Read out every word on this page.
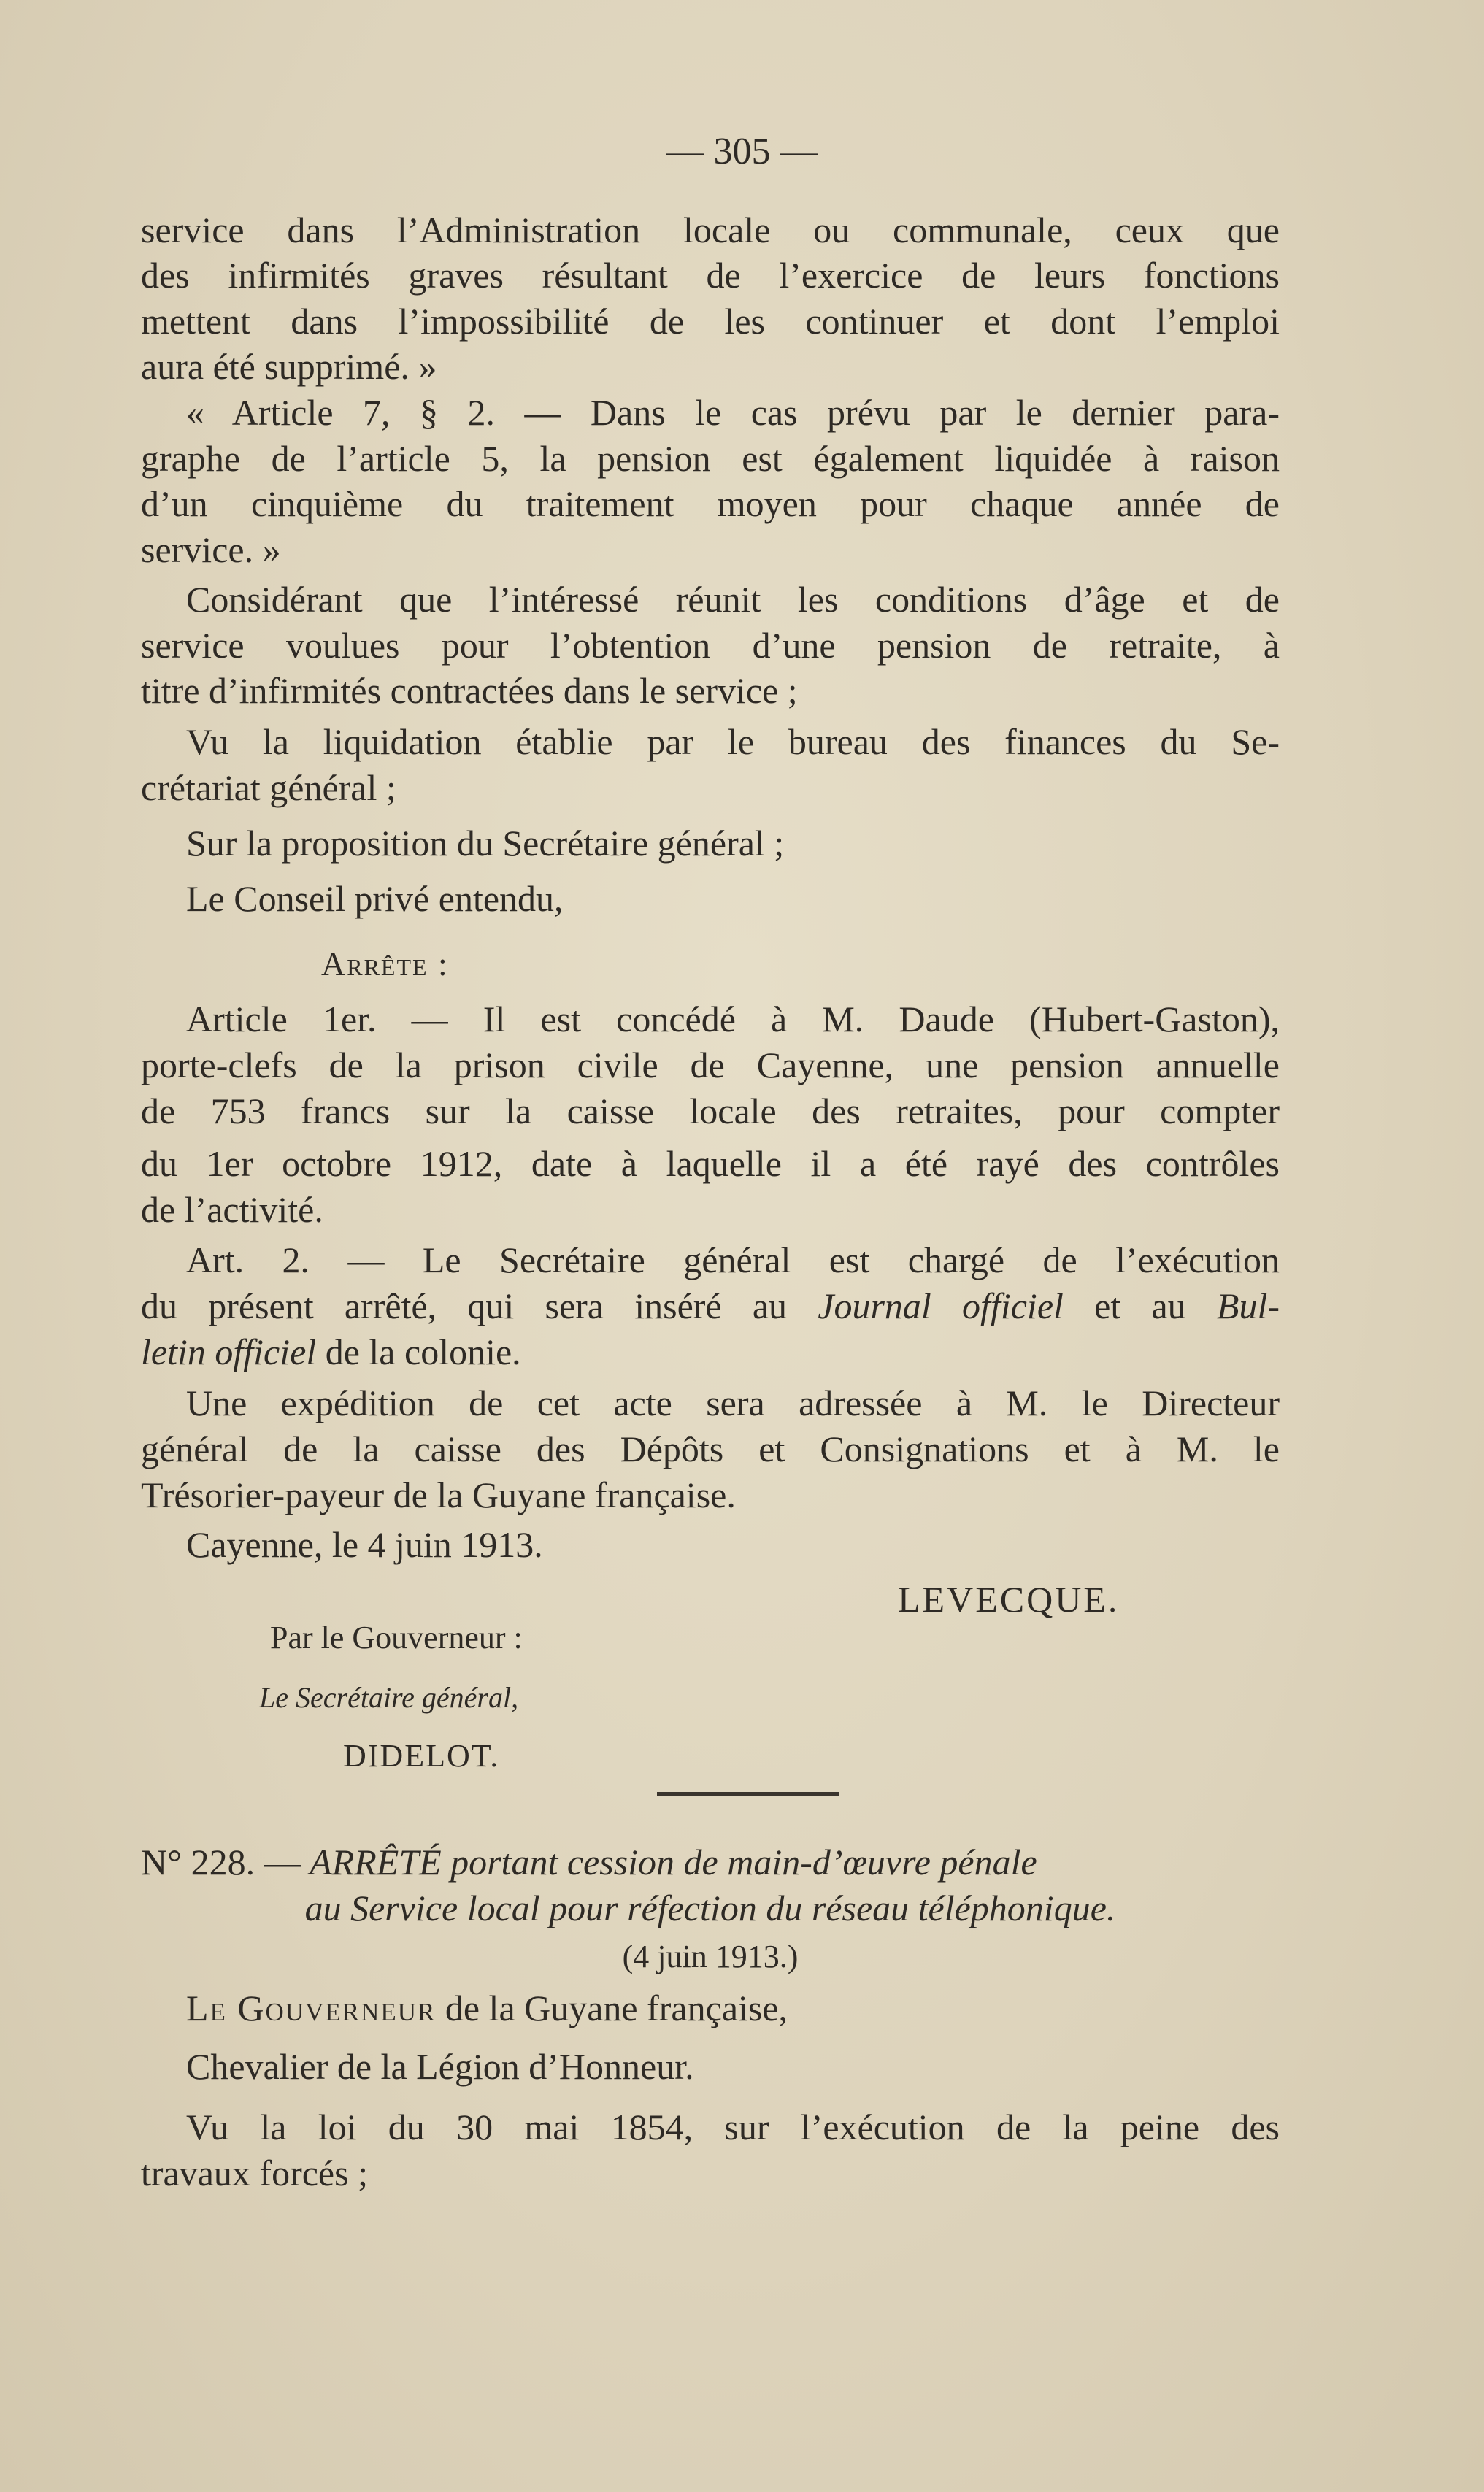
— 305 —
service dans l’Administration locale ou communale, ceux que
des infirmités graves résultant de l’exercice de leurs fonctions
mettent dans l’impossibilité de les continuer et dont l’emploi
aura été supprimé. »
« Article 7, § 2. — Dans le cas prévu par le dernier para-
graphe de l’article 5, la pension est également liquidée à raison
d’un cinquième du traitement moyen pour chaque année de
service. »
Considérant que l’intéressé réunit les conditions d’âge et de
service voulues pour l’obtention d’une pension de retraite, à
titre d’infirmités contractées dans le service ;
Vu la liquidation établie par le bureau des finances du Se-
crétariat général ;
Sur la proposition du Secrétaire général ;
Le Conseil privé entendu,
Arrête :
Article 1er. — Il est concédé à M. Daude (Hubert-Gaston),
porte-clefs de la prison civile de Cayenne, une pension annuelle
de 753 francs sur la caisse locale des retraites, pour compter
du 1er octobre 1912, date à laquelle il a été rayé des contrôles
de l’activité.
Art. 2. — Le Secrétaire général est chargé de l’exécution
du présent arrêté, qui sera inséré au Journal officiel et au Bul-
letin officiel de la colonie.
Une expédition de cet acte sera adressée à M. le Directeur
général de la caisse des Dépôts et Consignations et à M. le
Trésorier-payeur de la Guyane française.
Cayenne, le 4 juin 1913.
LEVECQUE.
Par le Gouverneur :
Le Secrétaire général,
DIDELOT.
N° 228. — ARRÊTÉ portant cession de main-d’œuvre pénale
au Service local pour réfection du réseau téléphonique.
(4 juin 1913.)
Le Gouverneur de la Guyane française,
Chevalier de la Légion d’Honneur.
Vu la loi du 30 mai 1854, sur l’exécution de la peine des
travaux forcés ;
